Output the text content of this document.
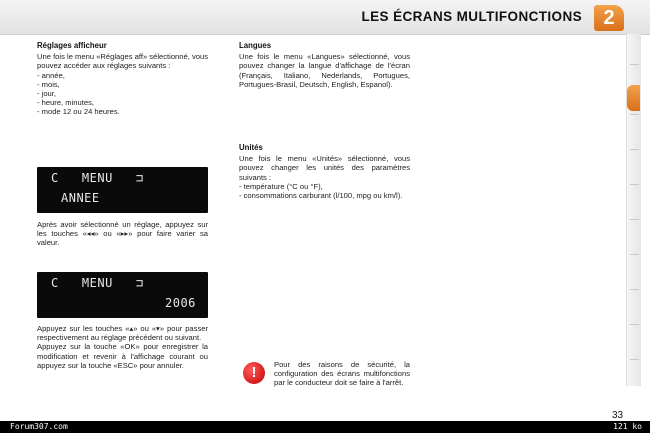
LES ÉCRANS MULTIFONCTIONS	2
Réglages afficheur

Une fois le menu «Réglages aff» sélectionné, vous pouvez accéder aux réglages suivants :

- année,
- mois,
- jour,
- heure, minutes,
- mode 12 ou 24 heures.
C   MENU   ⊐
ANNEE

Après avoir sélectionné un réglage, appuyez sur les touches «◂◂» ou «▸▸» pour faire varier sa valeur.

C   MENU   ⊐
2006

Appuyez sur les touches «▴» ou «▾» pour passer respectivement au réglage précédent ou suivant.

Appuyez sur la touche «OK» pour enregistrer la modification et revenir à l'affichage courant ou appuyez sur la touche «ESC» pour annuler.

Langues

Une fois le menu «Langues» sélectionné, vous pouvez changer la langue d'affichage de l'écran (Français, Italiano, Nederlands, Portugues, Portugues-Brasil, Deutsch, English, Espanol).

Unités

Une fois le menu «Unités» sélectionné, vous pouvez changer les unités des paramètres suivants :

- température (°C ou °F),
- consommations carburant (l/100, mpg ou km/l).
!	Pour des raisons de sécurité, la configuration des écrans multifonctions par le conducteur doit se faire à l'arrêt.

33
Forum307.com	121 ko
